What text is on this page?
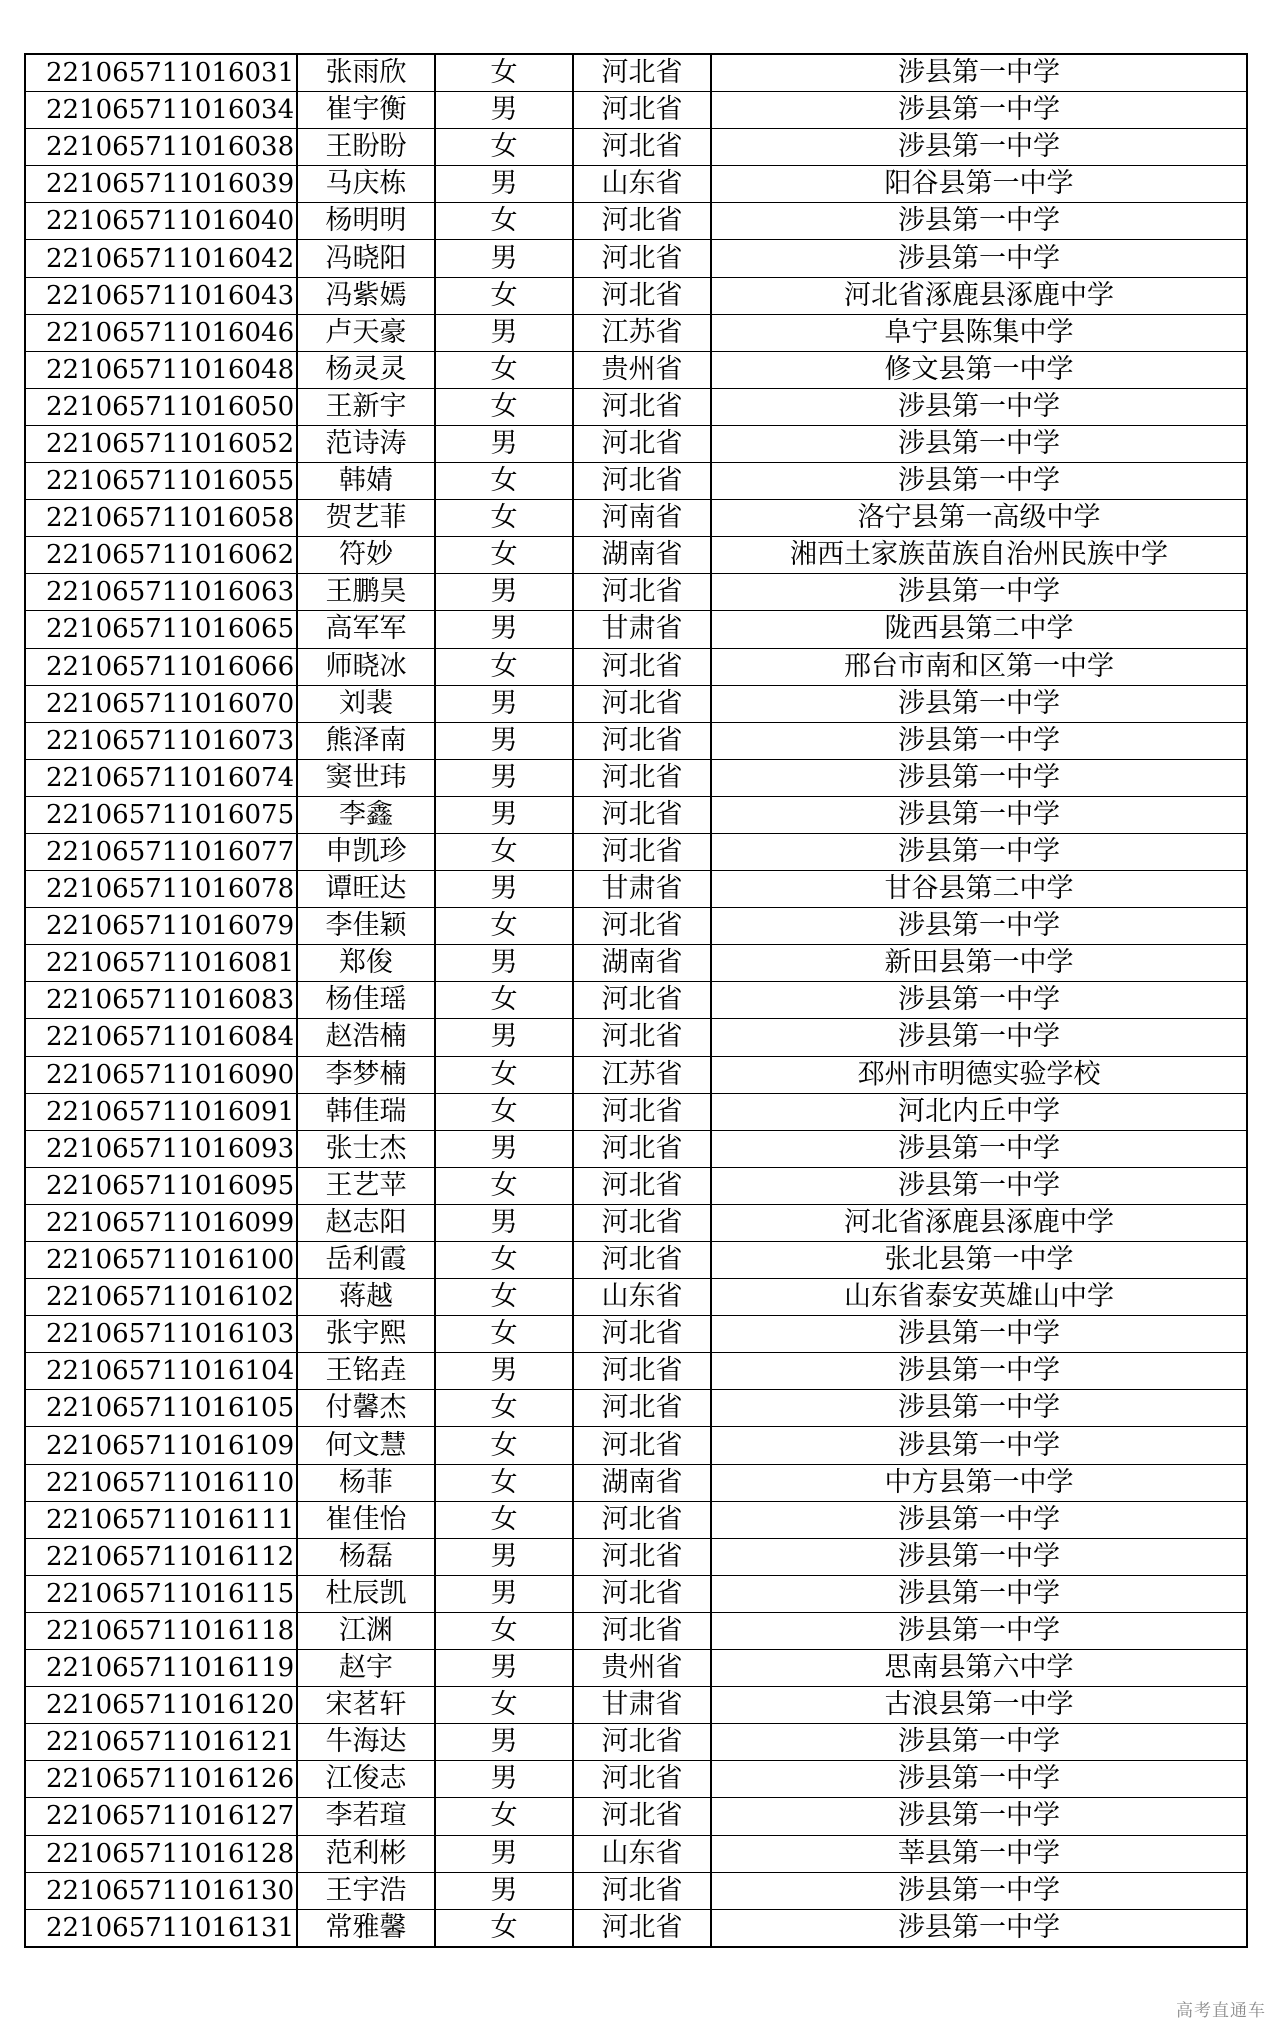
221065711016031	张雨欣	女	河北省	涉县第一中学
221065711016034	崔宇衡	男	河北省	涉县第一中学
221065711016038	王盼盼	女	河北省	涉县第一中学
221065711016039	马庆栋	男	山东省	阳谷县第一中学
221065711016040	杨明明	女	河北省	涉县第一中学
221065711016042	冯晓阳	男	河北省	涉县第一中学
221065711016043	冯紫嫣	女	河北省	河北省涿鹿县涿鹿中学
221065711016046	卢天豪	男	江苏省	阜宁县陈集中学
221065711016048	杨灵灵	女	贵州省	修文县第一中学
221065711016050	王新宇	女	河北省	涉县第一中学
221065711016052	范诗涛	男	河北省	涉县第一中学
221065711016055	韩婧	女	河北省	涉县第一中学
221065711016058	贺艺菲	女	河南省	洛宁县第一高级中学
221065711016062	符妙	女	湖南省	湘西土家族苗族自治州民族中学
221065711016063	王鹏昊	男	河北省	涉县第一中学
221065711016065	高军军	男	甘肃省	陇西县第二中学
221065711016066	师晓冰	女	河北省	邢台市南和区第一中学
221065711016070	刘裴	男	河北省	涉县第一中学
221065711016073	熊泽南	男	河北省	涉县第一中学
221065711016074	窦世玮	男	河北省	涉县第一中学
221065711016075	李鑫	男	河北省	涉县第一中学
221065711016077	申凯珍	女	河北省	涉县第一中学
221065711016078	谭旺达	男	甘肃省	甘谷县第二中学
221065711016079	李佳颖	女	河北省	涉县第一中学
221065711016081	郑俊	男	湖南省	新田县第一中学
221065711016083	杨佳瑶	女	河北省	涉县第一中学
221065711016084	赵浩楠	男	河北省	涉县第一中学
221065711016090	李梦楠	女	江苏省	邳州市明德实验学校
221065711016091	韩佳瑞	女	河北省	河北内丘中学
221065711016093	张士杰	男	河北省	涉县第一中学
221065711016095	王艺苹	女	河北省	涉县第一中学
221065711016099	赵志阳	男	河北省	河北省涿鹿县涿鹿中学
221065711016100	岳利霞	女	河北省	张北县第一中学
221065711016102	蒋越	女	山东省	山东省泰安英雄山中学
221065711016103	张宇熙	女	河北省	涉县第一中学
221065711016104	王铭垚	男	河北省	涉县第一中学
221065711016105	付馨杰	女	河北省	涉县第一中学
221065711016109	何文慧	女	河北省	涉县第一中学
221065711016110	杨菲	女	湖南省	中方县第一中学
221065711016111	崔佳怡	女	河北省	涉县第一中学
221065711016112	杨磊	男	河北省	涉县第一中学
221065711016115	杜辰凯	男	河北省	涉县第一中学
221065711016118	江渊	女	河北省	涉县第一中学
221065711016119	赵宇	男	贵州省	思南县第六中学
221065711016120	宋茗轩	女	甘肃省	古浪县第一中学
221065711016121	牛海达	男	河北省	涉县第一中学
221065711016126	江俊志	男	河北省	涉县第一中学
221065711016127	李若瑄	女	河北省	涉县第一中学
221065711016128	范利彬	男	山东省	莘县第一中学
221065711016130	王宇浩	男	河北省	涉县第一中学
221065711016131	常雅馨	女	河北省	涉县第一中学
高考直通车
